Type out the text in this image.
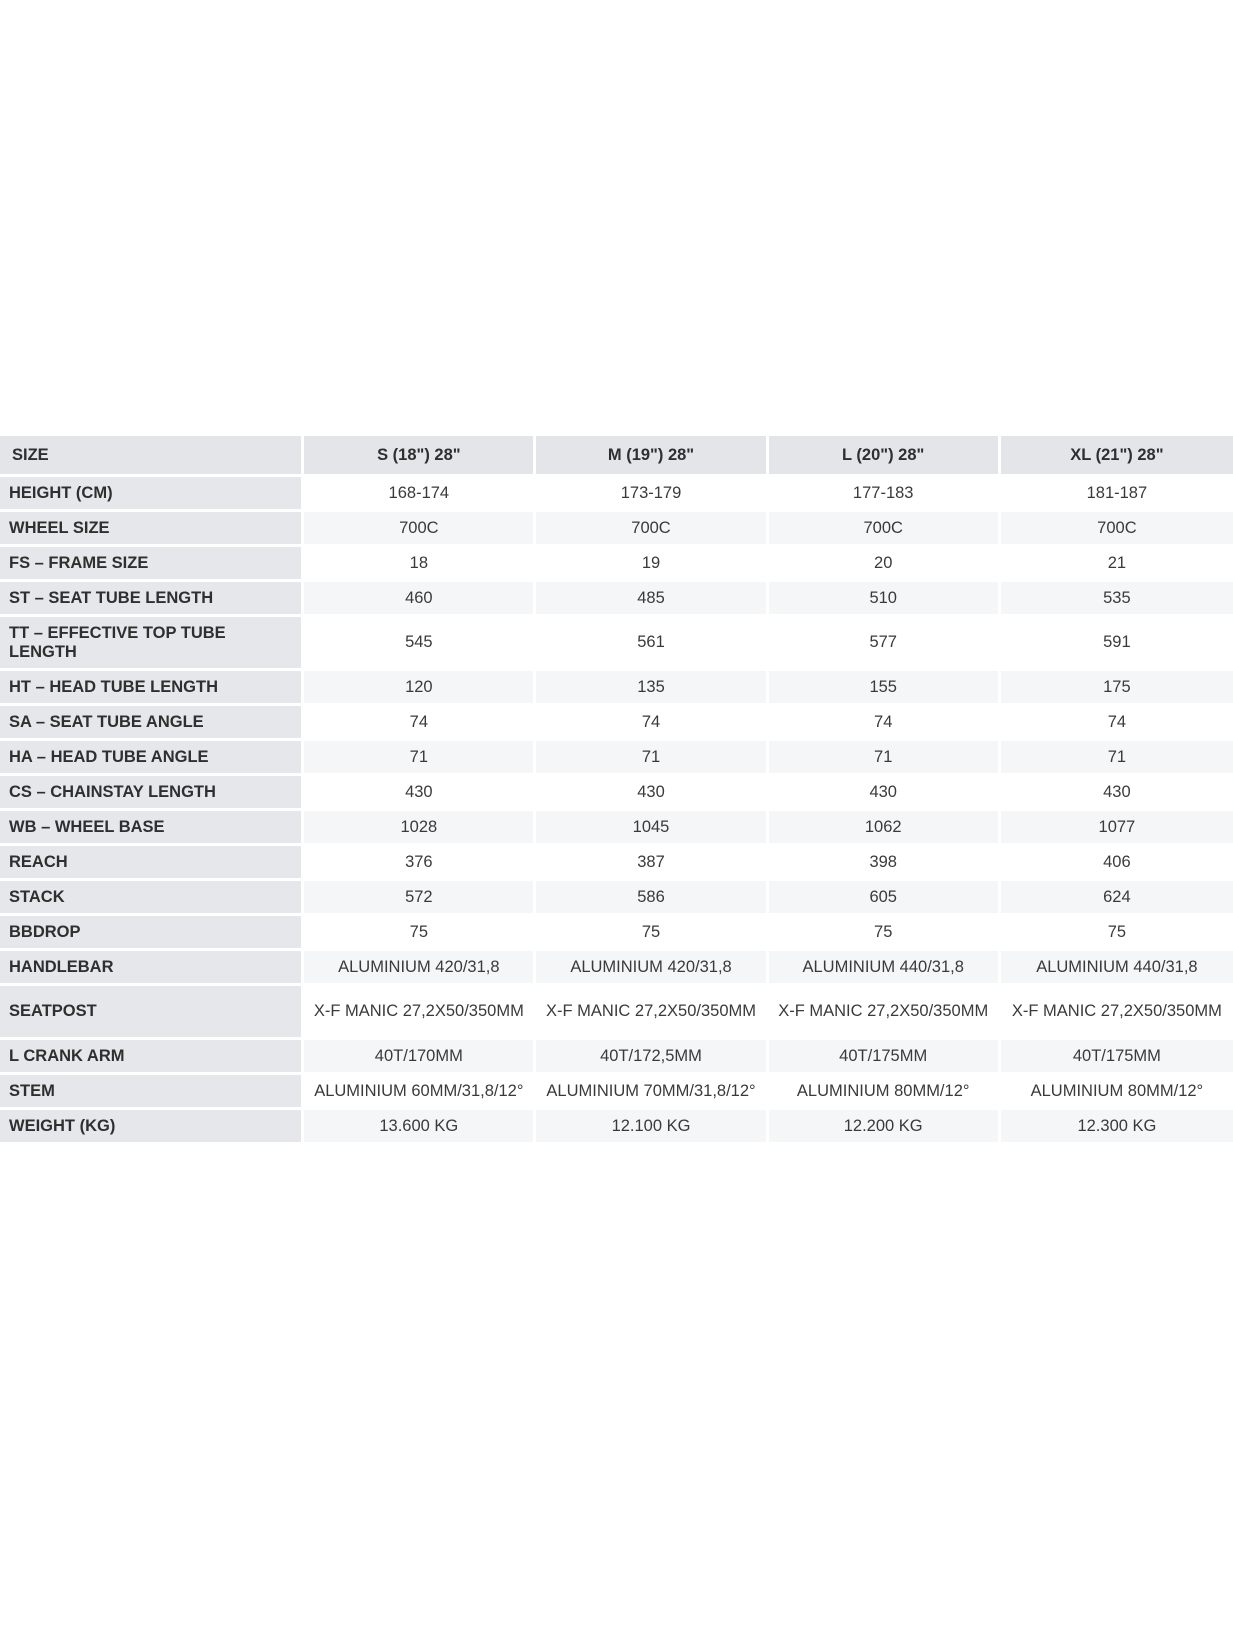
SIZE	S (18") 28"	M (19") 28"	L (20") 28"	XL (21") 28"
HEIGHT (CM)	168-174	173-179	177-183	181-187
WHEEL SIZE	700C	700C	700C	700C
FS – FRAME SIZE	18	19	20	21
ST – SEAT TUBE LENGTH	460	485	510	535
TT – EFFECTIVE TOP TUBE LENGTH	545	561	577	591
HT – HEAD TUBE LENGTH	120	135	155	175
SA – SEAT TUBE ANGLE	74	74	74	74
HA – HEAD TUBE ANGLE	71	71	71	71
CS – CHAINSTAY LENGTH	430	430	430	430
WB – WHEEL BASE	1028	1045	1062	1077
REACH	376	387	398	406
STACK	572	586	605	624
BBDROP	75	75	75	75
HANDLEBAR	ALUMINIUM 420/31,8	ALUMINIUM 420/31,8	ALUMINIUM 440/31,8	ALUMINIUM 440/31,8
SEATPOST	X-F MANIC 27,2X50/350MM	X-F MANIC 27,2X50/350MM	X-F MANIC 27,2X50/350MM	X-F MANIC 27,2X50/350MM
L CRANK ARM	40T/170MM	40T/172,5MM	40T/175MM	40T/175MM
STEM	ALUMINIUM 60MM/31,8/12°	ALUMINIUM 70MM/31,8/12°	ALUMINIUM 80MM/12°	ALUMINIUM 80MM/12°
WEIGHT (KG)	13.600 KG	12.100 KG	12.200 KG	12.300 KG
